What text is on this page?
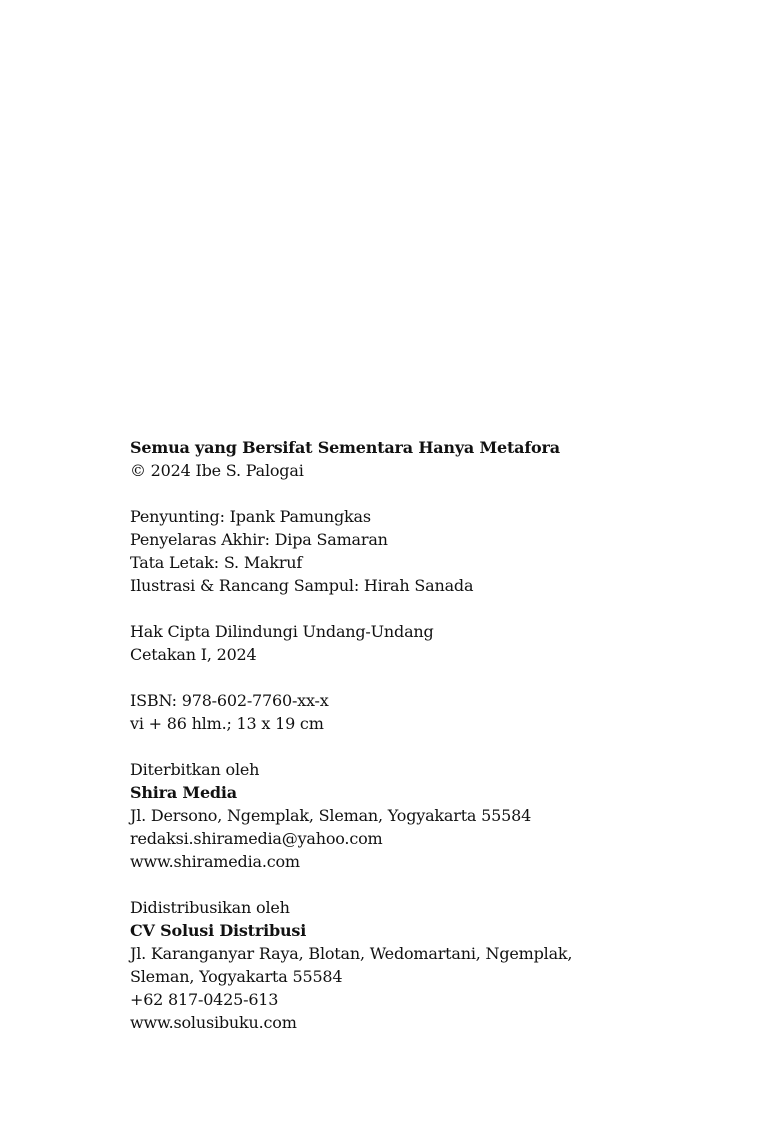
Semua yang Bersifat Sementara Hanya Metafora
© 2024 Ibe S. Palogai
Penyunting: Ipank Pamungkas
Penyelaras Akhir: Dipa Samaran
Tata Letak: S. Makruf
Ilustrasi & Rancang Sampul: Hirah Sanada
Hak Cipta Dilindungi Undang-Undang
Cetakan I, 2024
ISBN: 978-602-7760-xx-x
vi + 86 hlm.; 13 x 19 cm
Diterbitkan oleh
Shira Media
Jl. Dersono, Ngemplak, Sleman, Yogyakarta 55584
redaksi.shiramedia@yahoo.com
www.shiramedia.com
Didistribusikan oleh
CV Solusi Distribusi
Jl. Karanganyar Raya, Blotan, Wedomartani, Ngemplak,
Sleman, Yogyakarta 55584
+62 817-0425-613
www.solusibuku.com
